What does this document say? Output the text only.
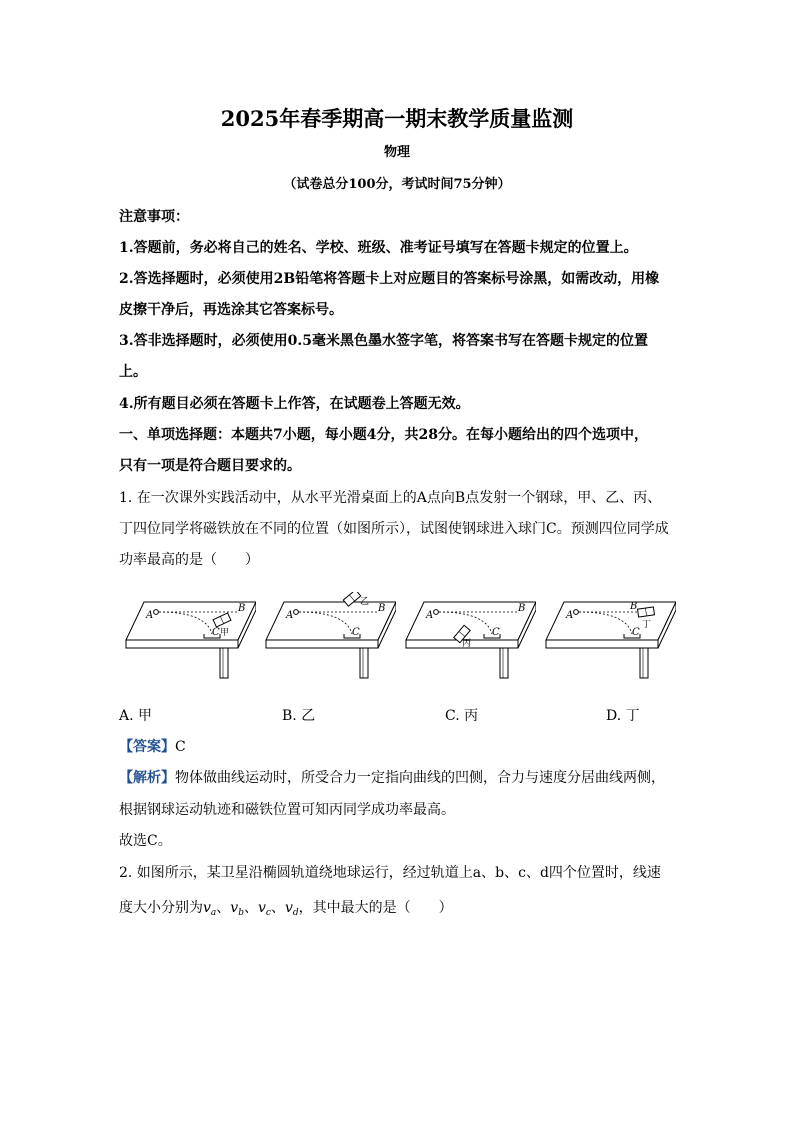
2025年春季期高一期末教学质量监测
物理
（试卷总分100分，考试时间75分钟）
注意事项：
1.答题前，务必将自己的姓名、学校、班级、准考证号填写在答题卡规定的位置上。
2.答选择题时，必须使用2B铅笔将答题卡上对应题目的答案标号涂黑，如需改动，用橡
皮擦干净后，再选涂其它答案标号。
3.答非选择题时，必须使用0.5毫米黑色墨水签字笔，将答案书写在答题卡规定的位置
上。
4.所有题目必须在答题卡上作答，在试题卷上答题无效。
一、单项选择题：本题共7小题，每小题4分，共28分。在每小题给出的四个选项中，
只有一项是符合题目要求的。
1. 在一次课外实践活动中，从水平光滑桌面上的A点向B点发射一个钢球，甲、乙、丙、
丁四位同学将磁铁放在不同的位置（如图所示），试图使钢球进入球门C。预测四位同学成
功率最高的是（　　）
A
B
C 甲
A
B
C
乙
A
B
C
丙
A
B
C
丁
A. 甲	B. 乙	C. 丙	D. 丁
【答案】C
【解析】物体做曲线运动时，所受合力一定指向曲线的凹侧，合力与速度分居曲线两侧，
根据钢球运动轨迹和磁铁位置可知丙同学成功率最高。
故选C。
2. 如图所示，某卫星沿椭圆轨道绕地球运行，经过轨道上a、b、c、d四个位置时，线速
度大小分别为$v_a$、$v_b$、$v_c$、$v_d$，其中最大的是（　　）
